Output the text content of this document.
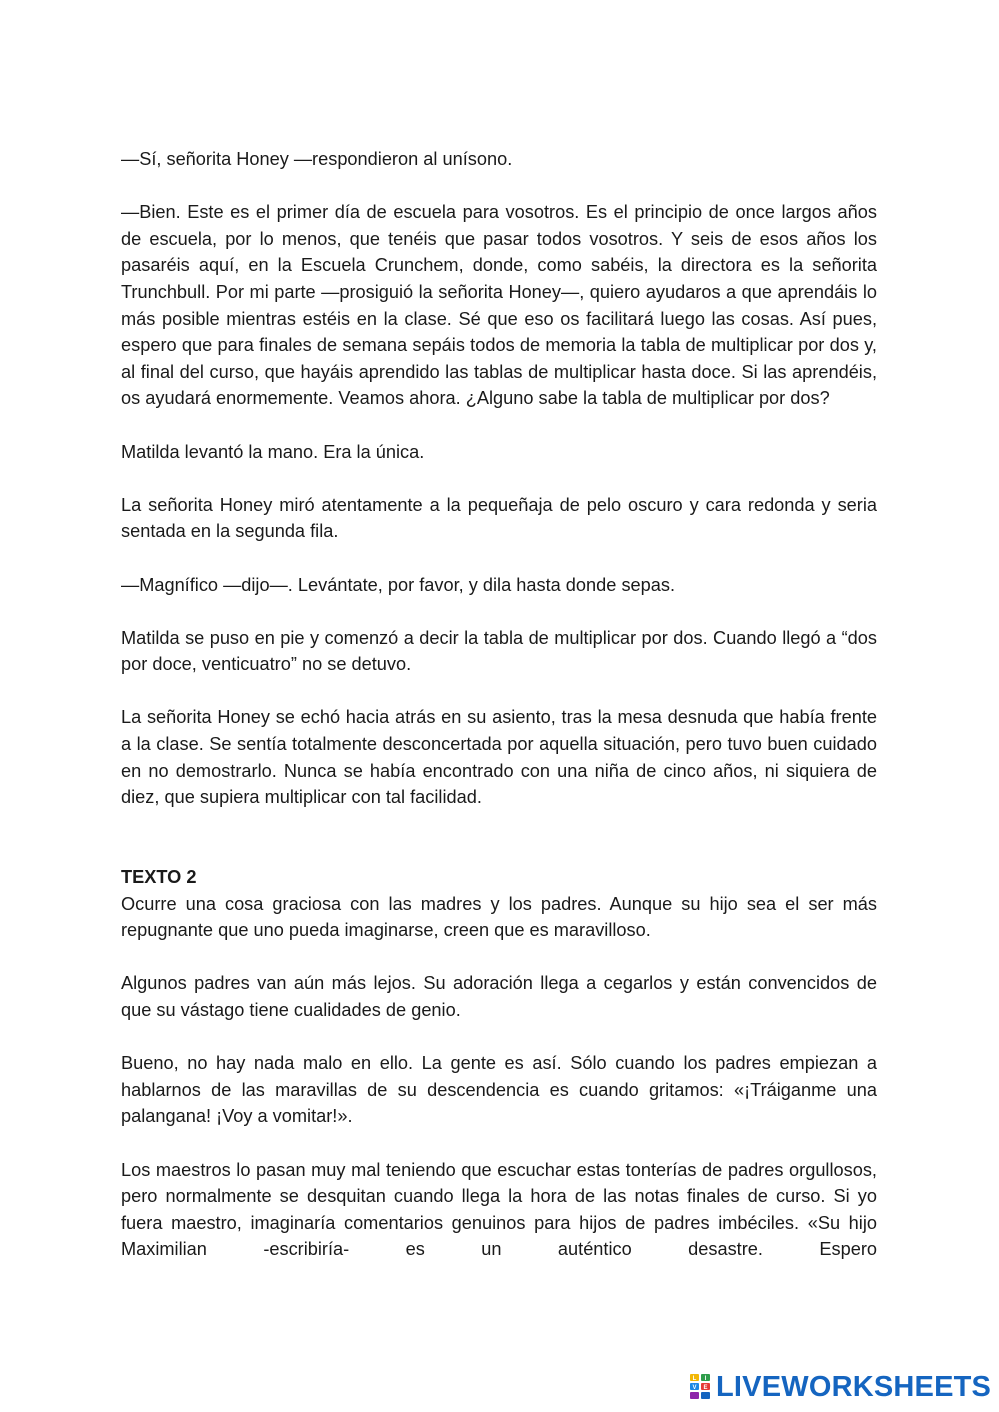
—Sí, señorita Honey —respondieron al unísono.

—Bien. Este es el primer día de escuela para vosotros. Es el principio de once largos años de escuela, por lo menos, que tenéis que pasar todos vosotros. Y seis de esos años los pasaréis aquí, en la Escuela Crunchem, donde, como sabéis, la directora es la señorita Trunchbull. Por mi parte —prosiguió la señorita Honey—, quiero ayudaros a que aprendáis lo más posible mientras estéis en la clase. Sé que eso os facilitará luego las cosas. Así pues, espero que para finales de semana sepáis todos de memoria la tabla de multiplicar por dos y, al final del curso, que hayáis aprendido las tablas de multiplicar hasta doce. Si las aprendéis, os ayudará enormemente. Veamos ahora. ¿Alguno sabe la tabla de multiplicar por dos?

Matilda levantó la mano. Era la única.

La señorita Honey miró atentamente a la pequeñaja de pelo oscuro y cara redonda y seria sentada en la segunda fila.

—Magnífico —dijo—. Levántate, por favor, y dila hasta donde sepas.

Matilda se puso en pie y comenzó a decir la tabla de multiplicar por dos. Cuando llegó a “dos por doce, venticuatro” no se detuvo.

La señorita Honey se echó hacia atrás en su asiento, tras la mesa desnuda que había frente a la clase. Se sentía totalmente desconcertada por aquella situación, pero tuvo buen cuidado en no demostrarlo. Nunca se había encontrado con una niña de cinco años, ni siquiera de diez, que supiera multiplicar con tal facilidad.

TEXTO 2

Ocurre una cosa graciosa con las madres y los padres. Aunque su hijo sea el ser más repugnante que uno pueda imaginarse, creen que es maravilloso.

Algunos padres van aún más lejos. Su adoración llega a cegarlos y están convencidos de que su vástago tiene cualidades de genio.

Bueno, no hay nada malo en ello. La gente es así. Sólo cuando los padres empiezan a hablarnos de las maravillas de su descendencia es cuando gritamos: «¡Tráiganme una palangana! ¡Voy a vomitar!».

Los maestros lo pasan muy mal teniendo que escuchar estas tonterías de padres orgullosos, pero normalmente se desquitan cuando llega la hora de las notas finales de curso. Si yo fuera maestro, imaginaría comentarios genuinos para hijos de padres imbéciles. «Su hijo Maximilian -escribiría- es un auténtico desastre. Espero

L I
V E LIVEWORKSHEETS
